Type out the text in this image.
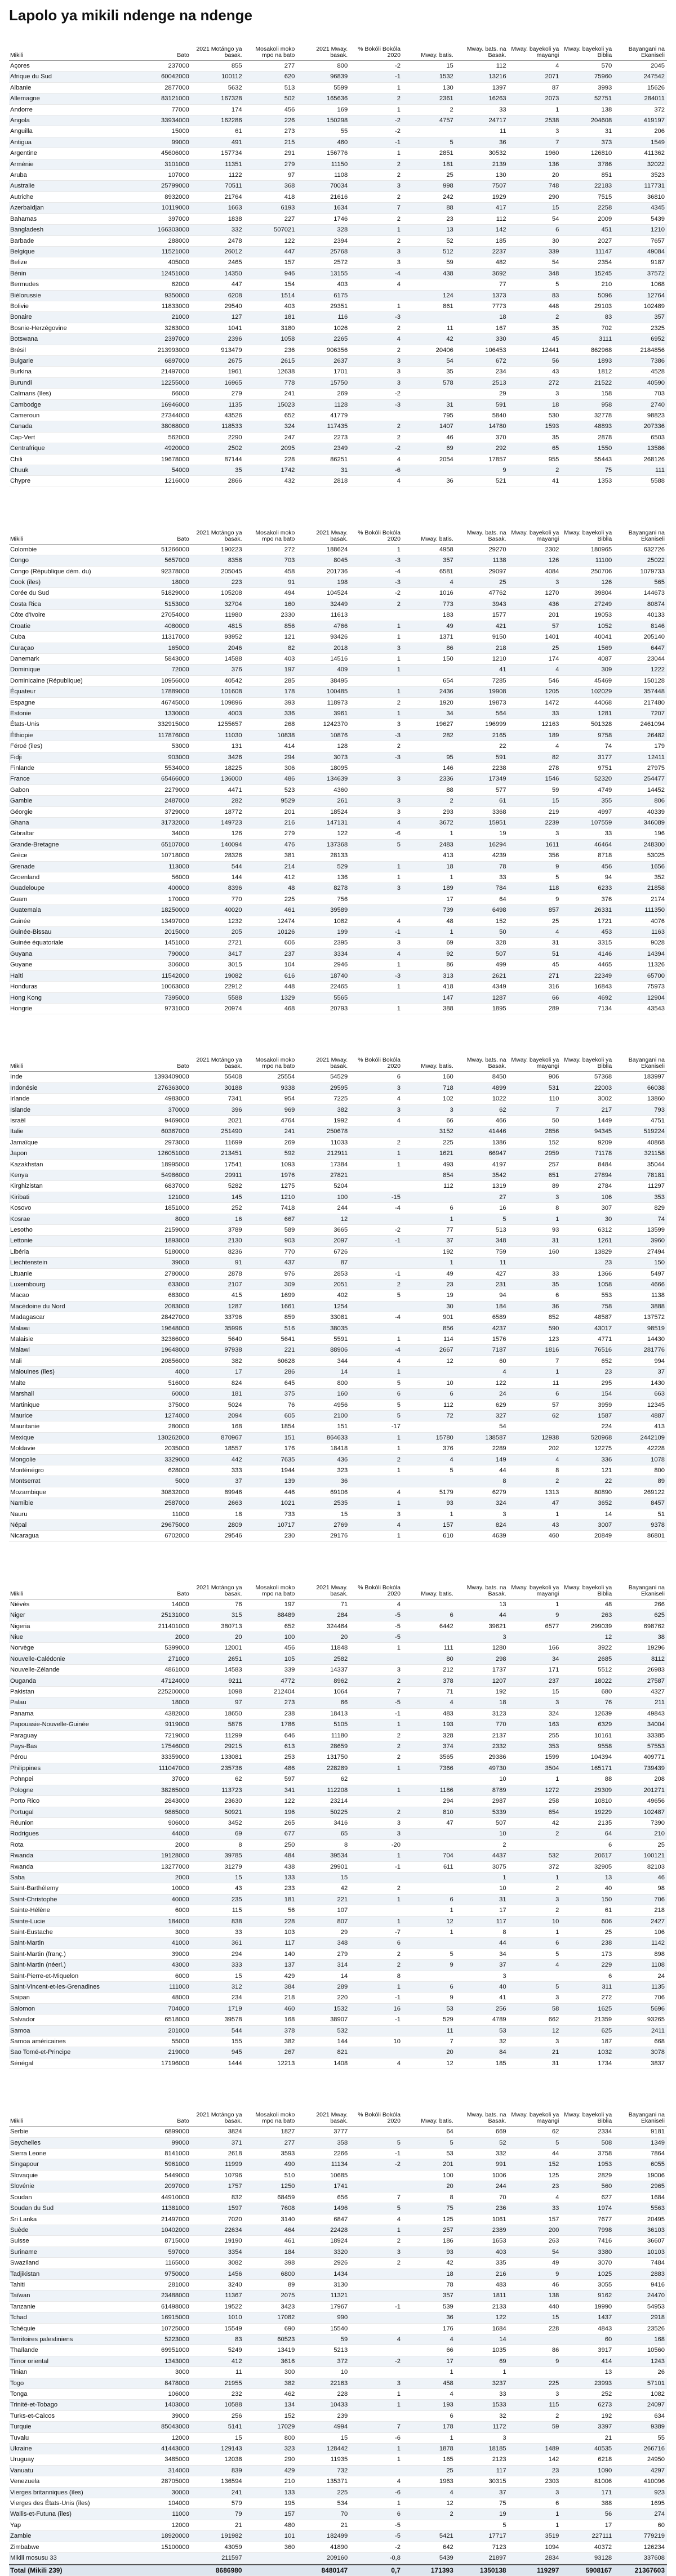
Lapolo ya mikili ndenge na ndenge
Mikili	Bato	2021 Motángo ya basak.	Mosakoli moko mpo na bato	2021 Mway. basak.	% Bokóli Bokóla 2020	Mway. batis.	Mway. bats. na Basak.	Mway. bayekoli ya mayangi	Mway. bayekoli ya Biblia	Bayangani na Ekaniseli
Açores	237000	855	277	800	-2	15	112	4	570	2045
Afrique du Sud	60042000	100112	620	96839	-1	1532	13216	2071	75960	247542
Albanie	2877000	5632	513	5599	1	130	1397	87	3993	15626
Allemagne	83121000	167328	502	165636	2	2361	16263	2073	52751	284011
Andorre	77000	174	456	169	1	2	33	1	138	372
Angola	33934000	162286	226	150298	-2	4757	24717	2538	204608	419197
Anguilla	15000	61	273	55	-2		11	3	31	206
Antigua	99000	491	215	460	-1	5	36	7	373	1549
Argentine	45606000	157734	291	156776	1	2851	30532	1960	126810	411362
Arménie	3101000	11351	279	11150	2	181	2139	136	3786	32022
Aruba	107000	1122	97	1108	2	25	130	20	851	3523
Australie	25799000	70511	368	70034	3	998	7507	748	22183	117731
Autriche	8932000	21764	418	21616	2	242	1929	290	7515	36810
Azerbaïdjan	10119000	1663	6193	1634	7	88	417	15	2258	4345
Bahamas	397000	1838	227	1746	2	23	112	54	2009	5439
Bangladesh	166303000	332	507021	328	1	13	142	6	451	1210
Barbade	288000	2478	122	2394	2	52	185	30	2027	7657
Belgique	11521000	26012	447	25768	3	512	2237	339	11147	49084
Belize	405000	2465	157	2572	3	59	482	54	2354	9187
Bénin	12451000	14350	946	13155	-4	438	3692	348	15245	37572
Bermudes	62000	447	154	403	4		77	5	210	1068
Biélorussie	9350000	6208	1514	6175		124	1373	83	5096	12764
Bolivie	11833000	29540	403	29351	1	861	7773	448	29103	102489
Bonaire	21000	127	181	116	-3		18	2	83	357
Bosnie-Herzégovine	3263000	1041	3180	1026	2	11	167	35	702	2325
Botswana	2397000	2396	1058	2265	4	42	330	45	3111	6952
Brésil	213993000	913479	236	906356	2	20406	106453	12441	862968	2184856
Bulgarie	6897000	2675	2615	2637	3	54	672	56	1893	7386
Burkina	21497000	1961	12638	1701	3	35	234	43	1812	4528
Burundi	12255000	16965	778	15750	3	578	2513	272	21522	40590
Caïmans (îles)	66000	279	241	269	-2		29	3	158	703
Cambodge	16946000	1135	15023	1128	-3	31	591	18	958	2740
Cameroun	27344000	43526	652	41779		795	5840	530	32778	98823
Canada	38068000	118533	324	117435	2	1407	14780	1593	48893	207336
Cap-Vert	562000	2290	247	2273	2	46	370	35	2878	6503
Centrafrique	4920000	2502	2095	2349	-2	69	292	65	1550	13586
Chili	19678000	87144	228	86251	4	2054	17857	955	55443	268126
Chuuk	54000	35	1742	31	-6		9	2	75	111
Chypre	1216000	2866	432	2818	4	36	521	41	1353	5588
Mikili	Bato	2021 Motángo ya basak.	Mosakoli moko mpo na bato	2021 Mway. basak.	% Bokóli Bokóla 2020	Mway. batis.	Mway. bats. na Basak.	Mway. bayekoli ya mayangi	Mway. bayekoli ya Biblia	Bayangani na Ekaniseli
Colombie	51266000	190223	272	188624	1	4958	29270	2302	180965	632726
Congo	5657000	8358	703	8045	-3	357	1138	126	11100	25022
Congo (République dém. du)	92378000	205045	458	201736	-4	6581	29097	4084	250706	1079733
Cook (îles)	18000	223	91	198	-3	4	25	3	126	565
Corée du Sud	51829000	105208	494	104524	-2	1016	47762	1270	39804	144673
Costa Rica	5153000	32704	160	32449	2	773	3943	436	27249	80874
Côte d'Ivoire	27054000	11980	2330	11613		183	1577	201	19053	40133
Croatie	4080000	4815	856	4766	1	49	421	57	1052	8146
Cuba	11317000	93952	121	93426	1	1371	9150	1401	40041	205140
Curaçao	165000	2046	82	2018	3	86	218	25	1569	6447
Danemark	5843000	14588	403	14516	1	150	1210	174	4087	23044
Dominique	72000	376	197	409	1		41	4	309	1222
Dominicaine (République)	10956000	40542	285	38495		654	7285	546	45469	150128
Équateur	17889000	101608	178	100485	1	2436	19908	1205	102029	357448
Espagne	46745000	109896	393	118973	2	1920	19873	1472	44068	217480
Estonie	1330000	4003	336	3961	1	34	564	33	1281	7207
États-Unis	332915000	1255657	268	1242370	3	19627	196999	12163	501328	2461094
Éthiopie	117876000	11030	10838	10876	-3	282	2165	189	9758	26482
Féroé (îles)	53000	131	414	128	2		22	4	74	179
Fidji	903000	3426	294	3073	-3	95	591	82	3177	12411
Finlande	5534000	18225	306	18095		146	2238	278	9751	27975
France	65466000	136000	486	134639	3	2336	17349	1546	52320	254477
Gabon	2279000	4471	523	4360		88	577	59	4749	14452
Gambie	2487000	282	9529	261	3	2	61	15	355	806
Géorgie	3729000	18772	201	18524	3	293	3368	219	4997	40339
Ghana	31732000	149723	216	147131	4	3672	15951	2239	107559	346089
Gibraltar	34000	126	279	122	-6	1	19	3	33	196
Grande-Bretagne	65107000	140094	476	137368	5	2483	16294	1611	46464	248300
Grèce	10718000	28326	381	28133		413	4239	356	8718	53025
Grenade	113000	544	214	529	1	18	78	9	456	1656
Groenland	56000	144	412	136	1	1	33	5	94	352
Guadeloupe	400000	8396	48	8278	3	189	784	118	6233	21858
Guam	170000	770	225	756		17	64	9	376	2174
Guatemala	18250000	40020	461	39589		739	6498	857	26331	111350
Guinée	13497000	1232	12474	1082	4	48	152	25	1721	4076
Guinée-Bissau	2015000	205	10126	199	-1	1	50	4	453	1163
Guinée équatoriale	1451000	2721	606	2395	3	69	328	31	3315	9028
Guyana	790000	3417	237	3334	4	92	507	51	4146	14394
Guyane	306000	3015	104	2946	1	86	499	45	4465	11326
Haïti	11542000	19082	616	18740	-3	313	2621	271	22349	65700
Honduras	10063000	22912	448	22465	1	418	4349	316	16843	75973
Hong Kong	7395000	5588	1329	5565		147	1287	66	4692	12904
Hongrie	9731000	20974	468	20793	1	388	1895	289	7134	43543
Mikili	Bato	2021 Motángo ya basak.	Mosakoli moko mpo na bato	2021 Mway. basak.	% Bokóli Bokóla 2020	Mway. batis.	Mway. bats. na Basak.	Mway. bayekoli ya mayangi	Mway. bayekoli ya Biblia	Bayangani na Ekaniseli
Inde	1393409000	55408	25554	54529	6	160	8450	906	57368	183997
Indonésie	276363000	30188	9338	29595	3	718	4899	531	22003	66038
Irlande	4983000	7341	954	7225	4	102	1022	110	3002	13860
Islande	370000	396	969	382	3	3	62	7	217	793
Israël	9469000	2021	4764	1992	4	66	466	50	1449	4751
Italie	60367000	251490	241	250678		3152	41446	2856	94345	519224
Jamaïque	2973000	11699	269	11033	2	225	1386	152	9209	40868
Japon	126051000	213451	592	212911	1	1621	66947	2959	71178	321158
Kazakhstan	18995000	17541	1093	17384	1	493	4197	257	8484	35044
Kenya	54986000	29911	1976	27821		854	3542	651	27894	78181
Kirghizistan	6837000	5282	1275	5204		112	1319	89	2784	11297
Kiribati	121000	145	1210	100	-15		27	3	106	353
Kosovo	1851000	252	7418	244	-4	6	16	8	307	829
Kosrae	8000	16	667	12		1	5	1	30	74
Lesotho	2159000	3789	589	3665	-2	77	513	93	6312	13599
Lettonie	1893000	2130	903	2097	-1	37	348	31	1261	3960
Libéria	5180000	8236	770	6726		192	759	160	13829	27494
Liechtenstein	39000	91	437	87		1	11		23	150
Lituanie	2780000	2878	976	2853	-1	49	427	33	1366	5497
Luxembourg	633000	2107	309	2051	2	23	231	35	1058	4666
Macao	683000	415	1699	402	5	19	94	6	553	1138
Macédoine du Nord	2083000	1287	1661	1254		30	184	36	758	3888
Madagascar	28427000	33796	859	33081	-4	901	6589	852	48587	137572
Malawi	19648000	35996	516	38035		856	4237	590	43017	98519
Malaisie	32366000	5640	5641	5591	1	114	1576	123	4771	14430
Malawi	19648000	97938	221	88906	-4	2667	7187	1816	76516	281776
Mali	20856000	382	60628	344	4	12	60	7	652	994
Malouines (îles)	4000	17	286	14	1		4	1	23	37
Malte	516000	824	645	800	5	10	122	11	295	1430
Marshall	60000	181	375	160	6	6	24	6	154	663
Martinique	375000	5024	76	4956	5	112	629	57	3959	12345
Maurice	1274000	2094	605	2100	5	72	327	62	1587	4887
Mauritanie	280000	168	1854	151	-17		54		224	413
Mexique	130262000	870967	151	864633	1	15780	138587	12938	520968	2442109
Moldavie	2035000	18557	176	18418	1	376	2289	202	12275	42228
Mongolie	3329000	442	7635	436	2	4	149	4	336	1078
Monténégro	628000	333	1944	323	1	5	44	8	121	800
Montserrat	5000	37	139	36			8	2	22	89
Mozambique	30832000	89946	446	69106	4	5179	6279	1313	80890	269122
Namibie	2587000	2663	1021	2535	1	93	324	47	3652	8457
Nauru	11000	18	733	15	3	1	3	1	14	51
Népal	29675000	2809	10717	2769	4	157	824	43	3007	9378
Nicaragua	6702000	29546	230	29176	1	610	4639	460	20849	86801
Mikili	Bato	2021 Motángo ya basak.	Mosakoli moko mpo na bato	2021 Mway. basak.	% Bokóli Bokóla 2020	Mway. batis.	Mway. bats. na Basak.	Mway. bayekoli ya mayangi	Mway. bayekoli ya Biblia	Bayangani na Ekaniseli
Niévès	14000	76	197	71	4		13	1	48	266
Niger	25131000	315	88489	284	-5	6	44	9	263	625
Nigeria	211401000	380713	652	324464	-5	6442	39621	6577	299039	698762
Niue	2000	20	100	20	-5		3		12	38
Norvège	5399000	12001	456	11848	1	111	1280	166	3922	19296
Nouvelle-Calédonie	271000	2651	105	2582		80	298	34	2685	8112
Nouvelle-Zélande	4861000	14583	339	14337	3	212	1737	171	5512	26983
Ouganda	47124000	9211	4772	8962	2	378	1207	237	18022	27587
Pakistan	225200000	1098	212404	1064	7	71	192	15	680	4327
Palau	18000	97	273	66	-5	4	18	3	76	211
Panama	4382000	18650	238	18413	-1	483	3123	324	12639	49843
Papouasie-Nouvelle-Guinée	9119000	5876	1786	5105	1	193	770	163	6329	34004
Paraguay	7219000	11299	646	11180	2	328	2137	255	10161	33385
Pays-Bas	17546000	29215	613	28659	2	374	2332	353	9558	57553
Pérou	33359000	133081	253	131750	2	3565	29386	1599	104394	409771
Philippines	111047000	235736	486	228289	1	7366	49730	3504	165171	739439
Pohnpei	37000	62	597	62			10	1	88	208
Pologne	38265000	113723	341	112208	1	1186	8789	1272	29309	201271
Porto Rico	2843000	23630	122	23214		294	2987	258	10810	49656
Portugal	9865000	50921	196	50225	2	810	5339	654	19229	102487
Réunion	906000	3452	265	3416	3	47	507	42	2135	7390
Rodrigues	44000	69	677	65	3		10	2	64	210
Rota	2000	8	250	8	-20		2		6	25
Rwanda	19128000	39785	484	39534	1	704	4437	532	20617	100121
Rwanda	13277000	31279	438	29901	-1	611	3075	372	32905	82103
Saba	2000	15	133	15			1	1	13	46
Saint-Barthélemy	10000	43	233	42	2		10	2	40	98
Saint-Christophe	40000	235	181	221	1	6	31	3	150	706
Sainte-Hélène	6000	115	56	107		1	17	2	61	218
Sainte-Lucie	184000	838	228	807	1	12	117	10	606	2427
Saint-Eustache	3000	33	103	29	-7	1	8	1	25	106
Saint-Martin	41000	361	117	348	6		44	6	238	1142
Saint-Martin (franç.)	39000	294	140	279	2	5	34	5	173	898
Saint-Martin (néerl.)	43000	333	137	314	2	9	37	4	229	1108
Saint-Pierre-et-Miquelon	6000	15	429	14	8		3		6	24
Saint-Vincent-et-les-Grenadines	111000	312	384	289	1	6	40	5	311	1135
Saipan	48000	234	218	220	-1	9	41	3	272	706
Salomon	704000	1719	460	1532	16	53	256	58	1625	5696
Salvador	6518000	39578	168	38907	-1	529	4789	662	21359	93265
Samoa	201000	544	378	532		11	53	12	625	2411
Samoa américaines	55000	155	382	144	10	7	32	3	187	668
Sao Tomé-et-Principe	219000	945	267	821		20	84	21	1032	3078
Sénégal	17196000	1444	12213	1408	4	12	185	31	1734	3837
Mikili	Bato	2021 Motángo ya basak.	Mosakoli moko mpo na bato	2021 Mway. basak.	% Bokóli Bokóla 2020	Mway. batis.	Mway. bats. na Basak.	Mway. bayekoli ya mayangi	Mway. bayekoli ya Biblia	Bayangani na Ekaniseli
Serbie	6899000	3824	1827	3777		64	669	62	2334	9181
Seychelles	99000	371	277	358	5	5	52	5	508	1349
Sierra Leone	8141000	2618	3593	2266	-1	53	332	44	3758	7864
Singapour	5961000	11999	490	11134	-2	201	991	152	1953	6055
Slovaquie	5449000	10796	510	10685		100	1006	125	2829	19006
Slovénie	2097000	1757	1250	1741		20	244	23	560	2965
Soudan	44910000	832	68459	656	7	8	70	4	627	1684
Soudan du Sud	11381000	1597	7608	1496	5	75	236	33	1974	5563
Sri Lanka	21497000	7020	3140	6847	4	125	1061	157	7677	20495
Suède	10402000	22634	464	22428	1	257	2389	200	7998	36103
Suisse	8715000	19190	461	18924	2	186	1653	263	7416	36607
Suriname	597000	3354	184	3320	3	93	403	54	3380	10103
Swaziland	1165000	3082	398	2926	2	42	335	49	3070	7484
Tadjikistan	9750000	1456	6800	1434		18	216	9	1025	2883
Tahiti	281000	3240	89	3130		78	483	46	3055	9416
Taïwan	23488000	11367	2075	11321		357	1811	138	9162	24470
Tanzanie	61498000	19522	3423	17967	-1	539	2133	440	19990	54953
Tchad	16915000	1010	17082	990		36	122	15	1437	2918
Tchéquie	10725000	15549	690	15540		176	1684	228	4843	23526
Territoires palestiniens	5223000	83	60523	59	4	4	14		60	168
Thaïlande	69951000	5249	13419	5213		66	1035	86	3917	10560
Timor oriental	1343000	412	3616	372	-2	17	69	9	414	1243
Tinian	3000	11	300	10		1	1		13	26
Togo	8478000	21955	382	22163	3	458	3237	225	23993	57101
Tonga	106000	232	462	228	1	4	33	3	252	1082
Trinité-et-Tobago	1403000	10588	134	10433	1	193	1533	115	6273	24097
Turks-et-Caïcos	39000	256	152	239		6	32	2	192	634
Turquie	85043000	5141	17029	4994	7	178	1172	59	3397	9389
Tuvalu	12000	15	800	15	-6	1	3		21	55
Ukraine	41443000	129143	323	128442	1	1878	18185	1489	40535	266716
Uruguay	3485000	12038	290	11935	1	165	2123	142	6218	24950
Vanuatu	314000	839	429	732		25	117	23	1090	4297
Venezuela	28705000	136594	210	135371	4	1963	30315	2303	81006	410096
Vierges britanniques (îles)	30000	241	133	225	-6	4	37	3	171	923
Vierges des États-Unis (îles)	104000	579	195	534	1	12	75	6	388	1695
Wallis-et-Futuna (îles)	11000	79	157	70	6	2	19	1	56	274
Yap	12000	21	480	21	-5		5	1	17	60
Zambie	18920000	191982	101	182499	-5	5421	17717	3519	227111	779219
Zimbabwe	15100000	43059	360	41890	-2	642	7123	1094	40372	126234
Mikili mosusu 33		211597		209160	-0,8	5439	21897	2834	93128	337608
Total (Mikili 239)		8686980		8480147	0,7	171393	1350138	119297	5908167	21367603
